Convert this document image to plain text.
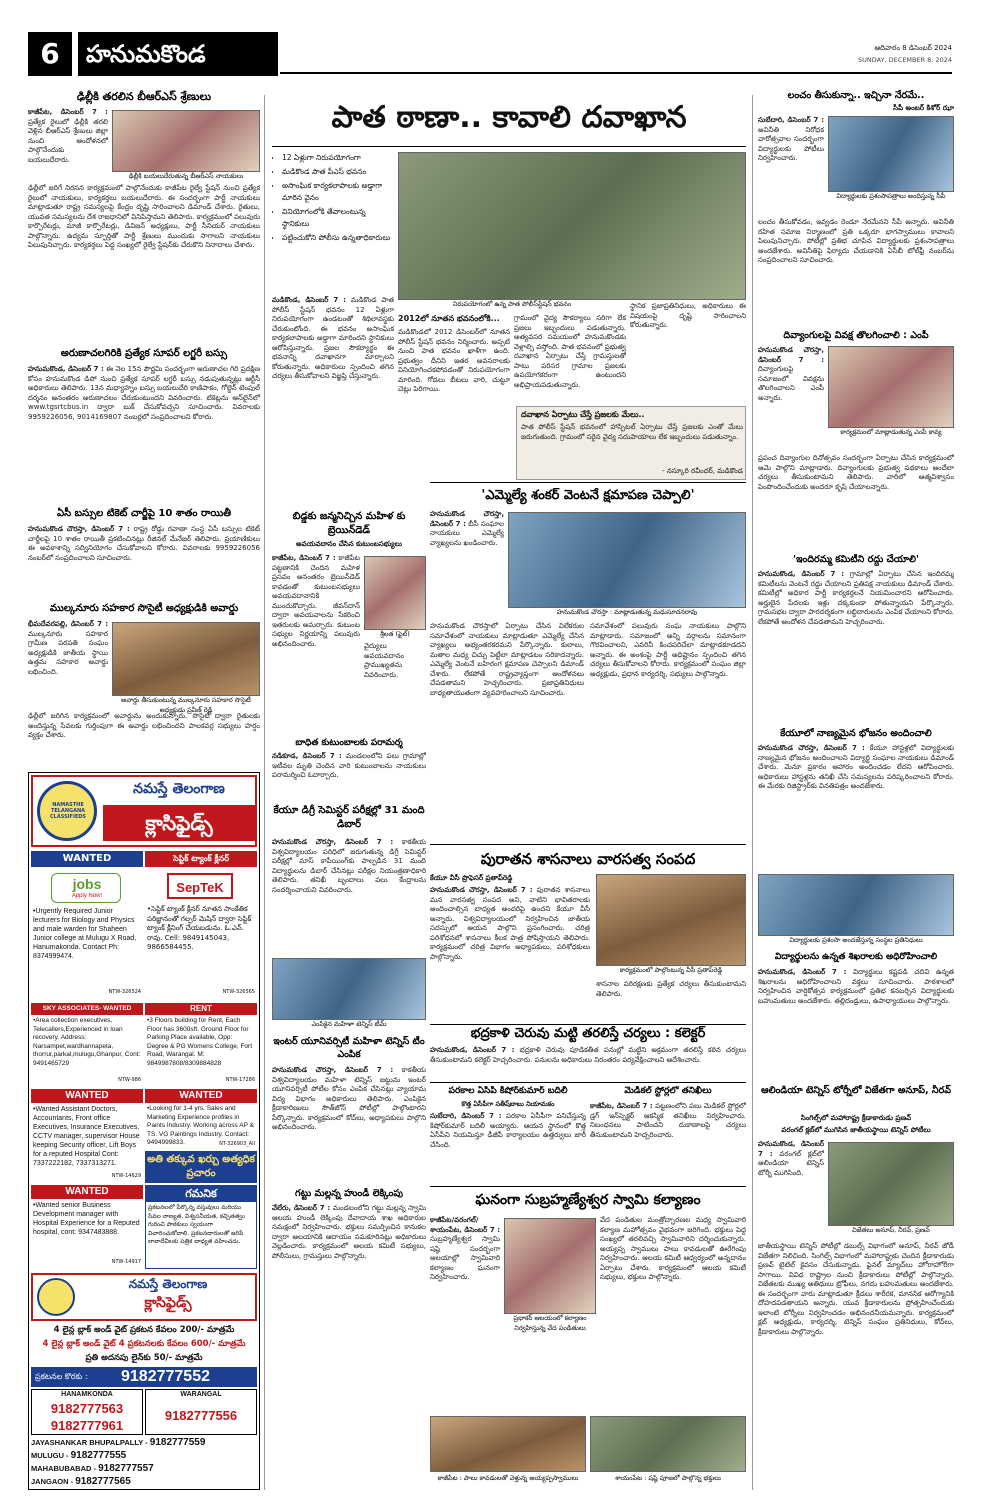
6	హనుమకొండ	ఆదివారం 8 డిసెంబర్ 2024
SUNDAY, DECEMBER 8, 2024
ఢిల్లీకి తరలిన బీఆర్‌ఎస్ శ్రేణులు
కాజీపేట, డిసెంబర్ 7 : ప్రత్యేక రైలులో ఢిల్లీకి తరలి వెళ్లిన బీఆర్‌ఎస్ శ్రేణులు జిల్లా నుంచి ఆందోళనలో పాల్గొనేందుకు బయలుదేరారు.
ఢిల్లీకి బయలుదేరుతున్న బీఆర్‌ఎస్ నాయకులు
ఢిల్లీలో జరిగే నిరసన కార్యక్రమంలో పాల్గొనేందుకు కాజీపేట రైల్వే స్టేషన్ నుంచి ప్రత్యేక రైలులో నాయకులు, కార్యకర్తలు బయలుదేరారు. ఈ సందర్భంగా పార్టీ నాయకులు మాట్లాడుతూ రాష్ట్ర సమస్యలపై కేంద్రం దృష్టి సారించాలని డిమాండ్ చేశారు. రైతులు, యువత సమస్యలను దేశ రాజధానిలో వినిపిస్తామని తెలిపారు. కార్యక్రమంలో పలువురు కార్పొరేటర్లు, మాజీ కార్పొరేటర్లు, డివిజన్ అధ్యక్షులు, పార్టీ సీనియర్ నాయకులు పాల్గొన్నారు. ఉద్యమ స్ఫూర్తితో పార్టీ శ్రేణులు ముందుకు సాగాలని నాయకులు పిలుపునిచ్చారు. కార్యకర్తలు పెద్ద సంఖ్యలో రైల్వే స్టేషన్‌కు చేరుకొని నినాదాలు చేశారు.
అరుణాచలగిరికి ప్రత్యేక సూపర్ లగ్జరీ బస్సు
హనుమకొండ, డిసెంబర్ 7 : ఈ నెల 15న పౌర్ణమి సందర్భంగా అరుణాచల గిరి ప్రదక్షిణ కోసం హనుమకొండ డిపో నుంచి ప్రత్యేక సూపర్ లగ్జరీ బస్సు నడుపుతున్నట్లు ఆర్టీసీ అధికారులు తెలిపారు. 13న మధ్యాహ్నం బస్సు బయలుదేరి కాణిపాకం, గోల్డెన్ టెంపుల్ దర్శనం అనంతరం అరుణాచలం చేరుకుంటుందని వివరించారు. టికెట్లను ఆన్‌లైన్‌లో www.tgsrtcbus.in ద్వారా బుక్ చేసుకోవచ్చని సూచించారు. వివరాలకు 9959226056, 9014169807 నంబర్లలో సంప్రదించాలని కోరారు.
ఏసీ బస్సుల టికెట్ చార్జీపై 10 శాతం రాయితీ
హనుమకొండ చౌరస్తా, డిసెంబర్ 7 : రాష్ట్ర రోడ్డు రవాణా సంస్థ ఏసీ బస్సుల టికెట్ చార్జీలపై 10 శాతం రాయితీ ప్రకటించినట్లు రీజినల్ మేనేజర్ తెలిపారు. ప్రయాణికులు ఈ అవకాశాన్ని సద్వినియోగం చేసుకోవాలని కోరారు. వివరాలకు 9959226056 నంబర్‌లో సంప్రదించాలని సూచించారు.
ముల్కనూరు సహకార సొసైటీ అధ్యక్షుడికి అవార్డు
భీమదేవరపల్లి, డిసెంబర్ 7 : ముల్కనూరు సహకార గ్రామీణ పరపతి సంఘం అధ్యక్షుడికి జాతీయ స్థాయి ఉత్తమ సహకార అవార్డు లభించింది.
అవార్డు తీసుకుంటున్న ముల్కనూరు సహకార సొసైటీ అధ్యక్షుడు ప్రవీణ్ రెడ్డి
ఢిల్లీలో జరిగిన కార్యక్రమంలో అవార్డును అందుకున్నారు. సొసైటీ ద్వారా రైతులకు అందిస్తున్న సేవలకు గుర్తింపుగా ఈ అవార్డు లభించిందని పాలకవర్గ సభ్యులు హర్షం వ్యక్తం చేశారు.
NAMASTHE TELANGANA CLASSIFIEDS
నమస్తే తెలంగాణ
క్లాసిఫైడ్స్
WANTED	సెప్టిక్ ట్యాంక్ క్లీనర్
jobs
Apply Now!
•Urgently Required Junior lecturers for Biology and Physics and male warden for Shaheen Junior college at Mulugu X Road, Hanumakonda. Contact Ph: 8374999474.
NTW-326524
SepTeK
•సెప్టిక్ ట్యాంక్ క్లీనర్ నూతన సాంకేతిక పరిజ్ఞానంతో గల్పర్ మెషిన్ ద్వారా సెప్టిక్ ట్యాంక్ క్లీనింగ్ చేయబడును. ఓ.ఎన్. రావు. Cell: 9849145043, 9866584455.
NTW-326565
SKY ASSOCIATES- WANTED
•Area collection executives, Telecallers,Experienced in loan recovery. Address: Narsampet,wardhannapeta, thorrur,parkal,mulugu,Ghanpur, Cont: 9491465729
NTW-986
RENT
•3 Floors building for Rent, Each Floor has 3600sft. Ground Floor for Parking Place available, Opp: Degree & PG Womens College, Fort Road, Warangal. M: 9849987808/8309884828
NTW-17286
WANTED
•Wanted Assistant Doctors, Accountants, Front office Executives, Insurance Executives, CCTV manager, supervisor House keeping Security officer, Lift Boys for a reputed Hospital Cont: 7337222182, 7337313271.
NTW-14629
WANTED
•Looking for 1-4 yrs. Sales and Marketing Experience profiles in Paints Industry. Working across AP & TS. VG Paintings Industry. Contact: 9494999833.	NT-326903_All
అతి తక్కువ ఖర్చు అత్యధిక ప్రచారం
WANTED
•Wanted senior Business Development manager with Hospital Experience for a Reputed hospital, cont: 9347483888.
NTW-14917
గమనిక
ప్రకటనలలో పేర్కొన్న వస్తువులు మరియు సేవల నాణ్యత, విశ్వసనీయత, కచ్చితత్వం గురించి పాఠకులు స్వయంగా విచారించుకోవాలి. ప్రకటనదారులతో జరిపే లావాదేవీలకు పత్రిక బాధ్యత వహించదు.
నమస్తే తెలంగాణ
క్లాసిఫైడ్స్
4 లైన్ల బ్లాక్ అండ్ వైట్ ప్రకటన కేవలం 200/- మాత్రమే
4 లైన్ల బ్లాక్ అండ్ వైట్ 4 ప్రకటనలకు కేవలం 600/- మాత్రమే
ప్రతి అదనపు లైన్‌కు 50/- మాత్రమే
ప్రకటనల కొరకు :	9182777552
HANAMKONDA
9182777563
9182777961
WARANGAL
9182777556
JAYASHANKAR BHUPALPALLY - 9182777559
MULUGU - 9182777555
MAHABUBABAD - 9182777557
JANGAON - 9182777565
పాత ఠాణా.. కావాలి దవాఖాన
• 12 ఏళ్లుగా నిరుపయోగంగా
• మడికొండ పాత పీఎస్ భవనం
• అసాంఘిక కార్యకలాపాలకు అడ్డాగా మారిన వైనం
• వినియోగంలోకి తేవాలంటున్న స్థానికులు
• పట్టించుకోని పోలీసు ఉన్నతాధికారులు
నిరుపయోగంలో ఉన్న పాత పోలీస్‌స్టేషన్ భవనం
మడికొండ, డిసెంబర్ 7 : మడికొండ పాత పోలీస్ స్టేషన్ భవనం 12 ఏళ్లుగా నిరుపయోగంగా ఉండటంతో శిథిలావస్థకు చేరుకుంటోంది. ఈ భవనం అసాంఘిక కార్యకలాపాలకు అడ్డాగా మారిందని స్థానికులు ఆరోపిస్తున్నారు. ప్రజల సౌకర్యార్థం ఈ భవనాన్ని దవాఖానగా మార్చాలని కోరుతున్నారు. అధికారులు స్పందించి తగిన చర్యలు తీసుకోవాలని విజ్ఞప్తి చేస్తున్నారు.
2012లో నూతన భవనంలోకి...
మడికొండలో 2012 డిసెంబర్‌లో నూతన పోలీస్ స్టేషన్ భవనం నిర్మించారు. అప్పటి నుంచి పాత భవనం ఖాళీగా ఉంది. ప్రభుత్వం దీనిని ఇతర అవసరాలకు వినియోగించకపోవడంతో నిరుపయోగంగా మారింది. గోడలు బీటలు వారి, చుట్టూ చెట్లు పెరిగాయి.
గ్రామంలో వైద్య సౌకర్యాలు సరిగా లేక ప్రజలు ఇబ్బందులు పడుతున్నారు. అత్యవసర సమయంలో హనుమకొండకు వెళ్లాల్సి వస్తోంది. పాత భవనంలో ప్రభుత్వ దవాఖాన ఏర్పాటు చేస్తే గ్రామస్తులతో పాటు పరిసర గ్రామాల ప్రజలకు ఉపయోగకరంగా ఉంటుందని అభిప్రాయపడుతున్నారు.
స్థానిక ప్రజాప్రతినిధులు, అధికారులు ఈ విషయంపై దృష్టి సారించాలని కోరుతున్నారు.
దవాఖాన ఏర్పాటు చేస్తే ప్రజలకు మేలు..
పాత పోలీస్ స్టేషన్ భవనంలో హాస్పిటల్ ఏర్పాటు చేస్తే ప్రజలకు ఎంతో మేలు జరుగుతుంది. గ్రామంలో సరైన వైద్య సదుపాయాలు లేక ఇబ్బందులు పడుతున్నాం.
- నస్కూరి రవీందర్, మడికొండ
'ఎమ్మెల్యే శంకర్ వెంటనే క్షమాపణ చెప్పాలి'
హనుమకొండ చౌరస్తా, డిసెంబర్ 7 : బీసీ సంఘాల నాయకులు ఎమ్మెల్యే వ్యాఖ్యలను ఖండించారు.
హనుమకొండ చౌరస్తా : మాట్లాడుతున్న మధుసూదనరావు
హనుమకొండ చౌరస్తాలో ఏర్పాటు చేసిన విలేకరుల సమావేశంలో నాయకులు మాట్లాడుతూ ఎమ్మెల్యే చేసిన వ్యాఖ్యలు అభ్యంతరకరమని పేర్కొన్నారు. కులాలు, మతాల మధ్య చిచ్చు పెట్టేలా మాట్లాడటం సరికాదన్నారు. ఎమ్మెల్యే వెంటనే బహిరంగ క్షమాపణ చెప్పాలని డిమాండ్ చేశారు. లేకపోతే రాష్ట్రవ్యాప్తంగా ఆందోళనలు చేపడతామని హెచ్చరించారు. ప్రజాప్రతినిధులు బాధ్యతాయుతంగా వ్యవహరించాలని సూచించారు.
సమావేశంలో పలువురు సంఘ నాయకులు పాల్గొని మాట్లాడారు. సమాజంలో అన్ని వర్గాలను సమానంగా గౌరవించాలని, ఎవరినీ కించపరిచేలా మాట్లాడకూడదని అన్నారు. ఈ అంశంపై పార్టీ అధిష్టానం స్పందించి తగిన చర్యలు తీసుకోవాలని కోరారు. కార్యక్రమంలో సంఘం జిల్లా అధ్యక్షుడు, ప్రధాన కార్యదర్శి, సభ్యులు పాల్గొన్నారు.
బిడ్డకు జన్మనిచ్చిన మహిళ కు బ్రెయిన్‌డెడ్
అవయవదానం చేసిన కుటుంబసభ్యులు
కాజీపేట, డిసెంబర్ 7 : కాజీపేట పట్టణానికి చెందిన మహిళ ప్రసవం అనంతరం బ్రెయిన్‌డెడ్ కావడంతో కుటుంబసభ్యులు అవయవదానానికి ముందుకొచ్చారు. జీవన్‌దాన్ ద్వారా అవయవాలను సేకరించి ఇతరులకు అమర్చారు. కుటుంబ సభ్యుల నిర్ణయాన్ని పలువురు అభినందించారు.
శ్రీలత (ఫైల్)
వైద్యులు అవయవదానం ప్రాముఖ్యతను వివరించారు.
బాధిత కుటుంబాలకు పరామర్శ
నడికూడ, డిసెంబర్ 7 : మండలంలోని పలు గ్రామాల్లో ఇటీవల మృతి చెందిన వారి కుటుంబాలను నాయకులు పరామర్శించి ఓదార్చారు.
కేయూ డిగ్రీ సెమిస్టర్ పరీక్షల్లో 31 మంది డిబార్
హనుమకొండ చౌరస్తా, డిసెంబర్ 7 : కాకతీయ విశ్వవిద్యాలయం పరిధిలో జరుగుతున్న డిగ్రీ సెమిస్టర్ పరీక్షల్లో మాస్ కాపీయింగ్‌కు పాల్పడిన 31 మంది విద్యార్థులను డిబార్ చేసినట్లు పరీక్షల నియంత్రణాధికారి తెలిపారు. తనిఖీ బృందాలు పలు కేంద్రాలను సందర్శించాయని వివరించారు.
ఎంపికైన మహిళా టెన్నిస్ టీమ్
ఇంటర్ యూనివర్సిటీ మహిళా టెన్నిస్ టీం ఎంపిక
హనుమకొండ చౌరస్తా, డిసెంబర్ 7 : కాకతీయ విశ్వవిద్యాలయం మహిళా టెన్నిస్ జట్టును ఇంటర్ యూనివర్సిటీ పోటీల కోసం ఎంపిక చేసినట్లు వ్యాయామ విద్య విభాగం అధికారులు తెలిపారు. ఎంపికైన క్రీడాకారిణులు సౌత్‌జోన్ పోటీల్లో పాల్గొంటారని పేర్కొన్నారు. కార్యక్రమంలో కోచ్‌లు, అధ్యాపకులు పాల్గొని అభినందించారు.
గట్టు మల్లన్న హుండీ లెక్కింపు
వేలేరు, డిసెంబర్ 7 : మండలంలోని గట్టు మల్లన్న స్వామి ఆలయ హుండీ లెక్కింపు దేవాదాయ శాఖ అధికారుల సమక్షంలో నిర్వహించారు. భక్తులు సమర్పించిన కానుకల ద్వారా ఆలయానికి ఆదాయం సమకూరినట్లు అధికారులు వెల్లడించారు. కార్యక్రమంలో ఆలయ కమిటీ సభ్యులు, పోలీసులు, గ్రామస్తులు పాల్గొన్నారు.
పురాతన శాసనాలు వారసత్వ సంపద
కేయూ వీసీ ప్రొఫెసర్ ప్రతాప్‌రెడ్డి
హనుమకొండ చౌరస్తా, డిసెంబర్ 7 : పురాతన శాసనాలు మన వారసత్వ సంపద అని, వాటిని భావితరాలకు అందించాల్సిన బాధ్యత అందరిపై ఉందని కేయూ వీసీ అన్నారు. విశ్వవిద్యాలయంలో నిర్వహించిన జాతీయ సదస్సులో ఆయన పాల్గొని ప్రసంగించారు. చరిత్ర పరిశోధనలో శాసనాలు కీలక పాత్ర పోషిస్తాయని తెలిపారు. కార్యక్రమంలో చరిత్ర విభాగం అధ్యాపకులు, పరిశోధకులు పాల్గొన్నారు.
కార్యక్రమంలో పాల్గొంటున్న వీసీ ప్రతాప్‌రెడ్డి
శాసనాల పరిరక్షణకు ప్రత్యేక చర్యలు తీసుకుంటామని తెలిపారు.
భద్రకాళి చెరువు మట్టి తరలిస్తే చర్యలు : కలెక్టర్
హనుమకొండ, డిసెంబర్ 7 : భద్రకాళి చెరువు పూడికతీత పనుల్లో మట్టిని అక్రమంగా తరలిస్తే కఠిన చర్యలు తీసుకుంటామని కలెక్టర్ హెచ్చరించారు. పనులను అధికారులు నిరంతరం పర్యవేక్షించాలని ఆదేశించారు.
పరకాల ఏసీపీ కిషోర్‌కుమార్ బదిలీ
కొత్త ఏసీపీగా సతీష్‌బాబు నియామకం
సుబేదారి, డిసెంబర్ 7 : పరకాల ఏసీపీగా పనిచేస్తున్న కిషోర్‌కుమార్ బదిలీ అయ్యారు. ఆయన స్థానంలో కొత్త ఏసీపీని నియమిస్తూ డీజీపీ కార్యాలయం ఉత్తర్వులు జారీ చేసింది.
మెడికల్ స్టోర్లలో తనిఖీలు
కాజీపేట, డిసెంబర్ 7 : పట్టణంలోని పలు మెడికల్ స్టోర్లలో డ్రగ్ ఇన్‌స్పెక్టర్ ఆకస్మిక తనిఖీలు నిర్వహించారు. నిబంధనలు పాటించని దుకాణాలపై చర్యలు తీసుకుంటామని హెచ్చరించారు.
ఘనంగా సుబ్రహ్మణ్యేశ్వర స్వామి కల్యాణం
కాజీపేట/వరంగల్/శాయంపేట, డిసెంబర్ 7 : సుబ్రహ్మణ్యేశ్వర స్వామి షష్ఠి సందర్భంగా ఆలయాల్లో స్వామివారి కల్యాణం ఘనంగా నిర్వహించారు.
ప్రభాకర్ ఆలయంలో కల్యాణం నిర్వహిస్తున్న వేద పండితులు
వేద పండితుల మంత్రోచ్ఛారణల మధ్య స్వామివారి కల్యాణ మహోత్సవం వైభవంగా జరిగింది. భక్తులు పెద్ద సంఖ్యలో తరలివచ్చి స్వామివారిని దర్శించుకున్నారు. అయ్యప్ప స్వాములు పాలు కావడులతో ఊరేగింపు నిర్వహించారు. ఆలయ కమిటీ ఆధ్వర్యంలో అన్నదానం ఏర్పాటు చేశారు. కార్యక్రమంలో ఆలయ కమిటీ సభ్యులు, భక్తులు పాల్గొన్నారు.
కాజీపేట : పాలు కావడులతో వెళ్తున్న అయ్యప్పస్వాములు	శాయంపేట : షష్ఠి పూజలో పాల్గొన్న భక్తులు
లంచం తీసుకున్నా.. ఇచ్చినా నేరమే..
సీపీ అంబర్ కిశోర్ ఝా
సుబేదారి, డిసెంబర్ 7 : అవినీతి నిరోధక వారోత్సవాల సందర్భంగా విద్యార్థులకు పోటీలు నిర్వహించారు.
విద్యార్థులకు ప్రశంసాపత్రాలు అందిస్తున్న సీపీ
లంచం తీసుకోవడం, ఇవ్వడం రెండూ నేరమేనని సీపీ అన్నారు. అవినీతి రహిత సమాజ నిర్మాణంలో ప్రతి ఒక్కరూ భాగస్వాములు కావాలని పిలుపునిచ్చారు. పోటీల్లో ప్రతిభ చూపిన విద్యార్థులకు ప్రశంసాపత్రాలు అందజేశారు. అవినీతిపై ఫిర్యాదు చేయడానికి ఏసీబీ టోల్‌ఫ్రీ నంబర్‌ను సంప్రదించాలని సూచించారు.
దివ్యాంగులపై వివక్ష తొలగించాలి : ఎంపీ
హనుమకొండ చౌరస్తా, డిసెంబర్ 7 : దివ్యాంగులపై సమాజంలో వివక్షను తొలగించాలని ఎంపీ అన్నారు.
కార్యక్రమంలో మాట్లాడుతున్న ఎంపీ కావ్య
ప్రపంచ దివ్యాంగుల దినోత్సవం సందర్భంగా ఏర్పాటు చేసిన కార్యక్రమంలో ఆమె పాల్గొని మాట్లాడారు. దివ్యాంగులకు ప్రభుత్వ పథకాలు అందేలా చర్యలు తీసుకుంటామని తెలిపారు. వారిలో ఆత్మవిశ్వాసం పెంపొందించేందుకు అందరూ కృషి చేయాలన్నారు.
'ఇందిరమ్మ కమిటీని రద్దు చేయాలి'
హనుమకొండ, డిసెంబర్ 7 : గ్రామాల్లో ఏర్పాటు చేసిన ఇందిరమ్మ కమిటీలను వెంటనే రద్దు చేయాలని ప్రతిపక్ష నాయకులు డిమాండ్ చేశారు. కమిటీల్లో అధికార పార్టీ కార్యకర్తలనే నియమించారని ఆరోపించారు. అర్హులైన పేదలకు ఇళ్లు దక్కకుండా పోతున్నాయని పేర్కొన్నారు. గ్రామసభల ద్వారా పారదర్శకంగా లబ్ధిదారులను ఎంపిక చేయాలని కోరారు. లేకపోతే ఆందోళన చేపడతామని హెచ్చరించారు.
కేయూలో నాణ్యమైన భోజనం అందించాలి
హనుమకొండ చౌరస్తా, డిసెంబర్ 7 : కేయూ హాస్టళ్లలో విద్యార్థులకు నాణ్యమైన భోజనం అందించాలని విద్యార్థి సంఘాల నాయకులు డిమాండ్ చేశారు. మెనూ ప్రకారం ఆహారం అందించడం లేదని ఆరోపించారు. అధికారులు హాస్టళ్లను తనిఖీ చేసి సమస్యలను పరిష్కరించాలని కోరారు. ఈ మేరకు రిజిస్ట్రార్‌కు వినతిపత్రం అందజేశారు.
విద్యార్థులకు ప్రశంసా అందజేస్తున్న సంస్థల ప్రతినిధులు
విద్యార్థులను ఉన్నత శిఖరాలకు అధిరోహించాలి
హనుమకొండ, డిసెంబర్ 7 : విద్యార్థులు కష్టపడి చదివి ఉన్నత శిఖరాలను అధిరోహించాలని వక్తలు సూచించారు. పాఠశాలలో నిర్వహించిన వార్షికోత్సవ కార్యక్రమంలో ప్రతిభ కనబర్చిన విద్యార్థులకు బహుమతులు అందజేశారు. తల్లిదండ్రులు, ఉపాధ్యాయులు పాల్గొన్నారు.
ఆలిండియా టెన్నిస్ టోర్నీలో విజేతగా అనూప్, నీరవ్
సింగిల్స్‌లో మహారాష్ట్ర క్రీడాకారుడు ప్రణవ్
వరంగల్ క్లబ్‌లో ముగిసిన జాతీయస్థాయి టెన్నిస్ పోటీలు
హనుమకొండ, డిసెంబర్ 7 : వరంగల్ క్లబ్‌లో ఆలిండియా టెన్నిస్ టోర్నీ ముగిసింది.
విజేతలు అనూప్, నీరవ్, ప్రణవ్
జాతీయస్థాయి టెన్నిస్ పోటీల్లో డబుల్స్ విభాగంలో అనూప్, నీరవ్ జోడీ విజేతగా నిలిచింది. సింగిల్స్ విభాగంలో మహారాష్ట్రకు చెందిన క్రీడాకారుడు ప్రణవ్ టైటిల్ కైవసం చేసుకున్నాడు. ఫైనల్ మ్యాచ్‌లు హోరాహోరీగా సాగాయి. వివిధ రాష్ట్రాల నుంచి క్రీడాకారులు పోటీల్లో పాల్గొన్నారు. విజేతలకు ముఖ్య అతిథులు ట్రోఫీలు, నగదు బహుమతులు అందజేశారు. ఈ సందర్భంగా వారు మాట్లాడుతూ క్రీడలు శారీరక, మానసిక ఆరోగ్యానికి దోహదపడతాయని అన్నారు. యువ క్రీడాకారులను ప్రోత్సహించేందుకు ఇలాంటి టోర్నీలు నిర్వహించడం అభినందనీయమన్నారు. కార్యక్రమంలో క్లబ్ అధ్యక్షుడు, కార్యదర్శి, టెన్నిస్ సంఘం ప్రతినిధులు, కోచ్‌లు, క్రీడాకారులు పాల్గొన్నారు.
